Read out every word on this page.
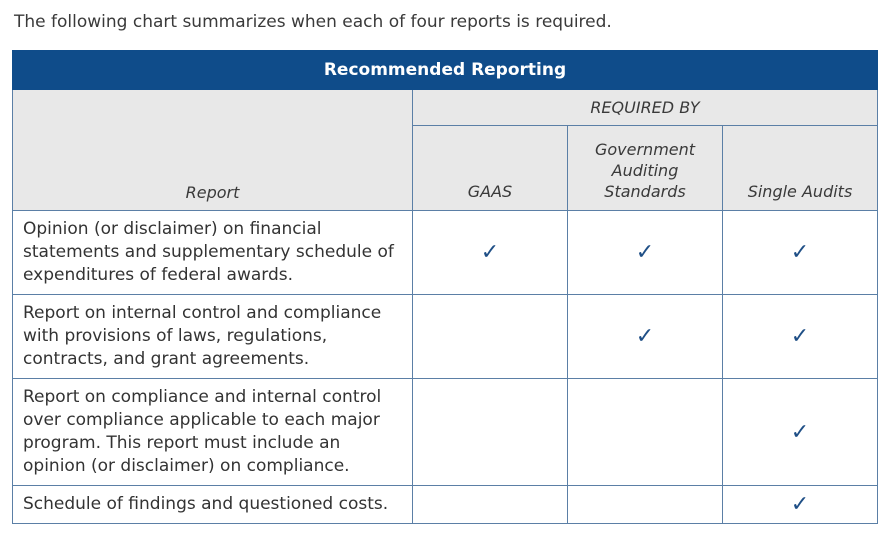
The following chart summarizes when each of four reports is required.
Recommended Reporting			
Report	REQUIRED BY		
	GAAS	Government Auditing Standards	Single Audits
Opinion (or disclaimer) on financial statements and supplementary schedule of expenditures of federal awards.	✓	✓	✓
Report on internal control and compliance with provisions of laws, regulations, contracts, and grant agreements.		✓	✓
Report on compliance and internal control over compliance applicable to each major program. This report must include an opinion (or disclaimer) on compliance.			✓
Schedule of findings and questioned costs.			✓
